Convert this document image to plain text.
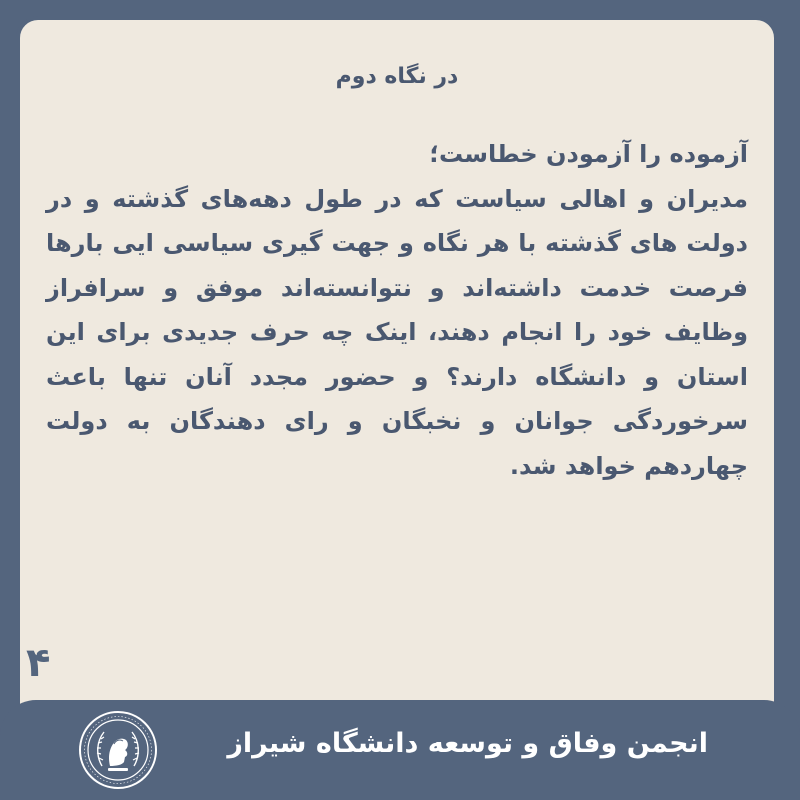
در نگاه دوم

آزموده را آزمودن خطاست؛

مدیران و اهالی سیاست که در طول دهه‌های گذشته و در دولت های گذشته با هر نگاه و جهت گیری سیاسی ایی بارها فرصت خدمت داشته‌اند و نتوانسته‌اند موفق و سرافراز وظایف خود را انجام دهند، اینک چه حرف جدیدی برای این استان و دانشگاه دارند؟ و حضور مجدد آنان تنها باعث سرخوردگی جوانان و نخبگان و رای دهندگان به دولت چهاردهم خواهد شد.

۴
انجمن وفاق و توسعه دانشگاه شیراز
